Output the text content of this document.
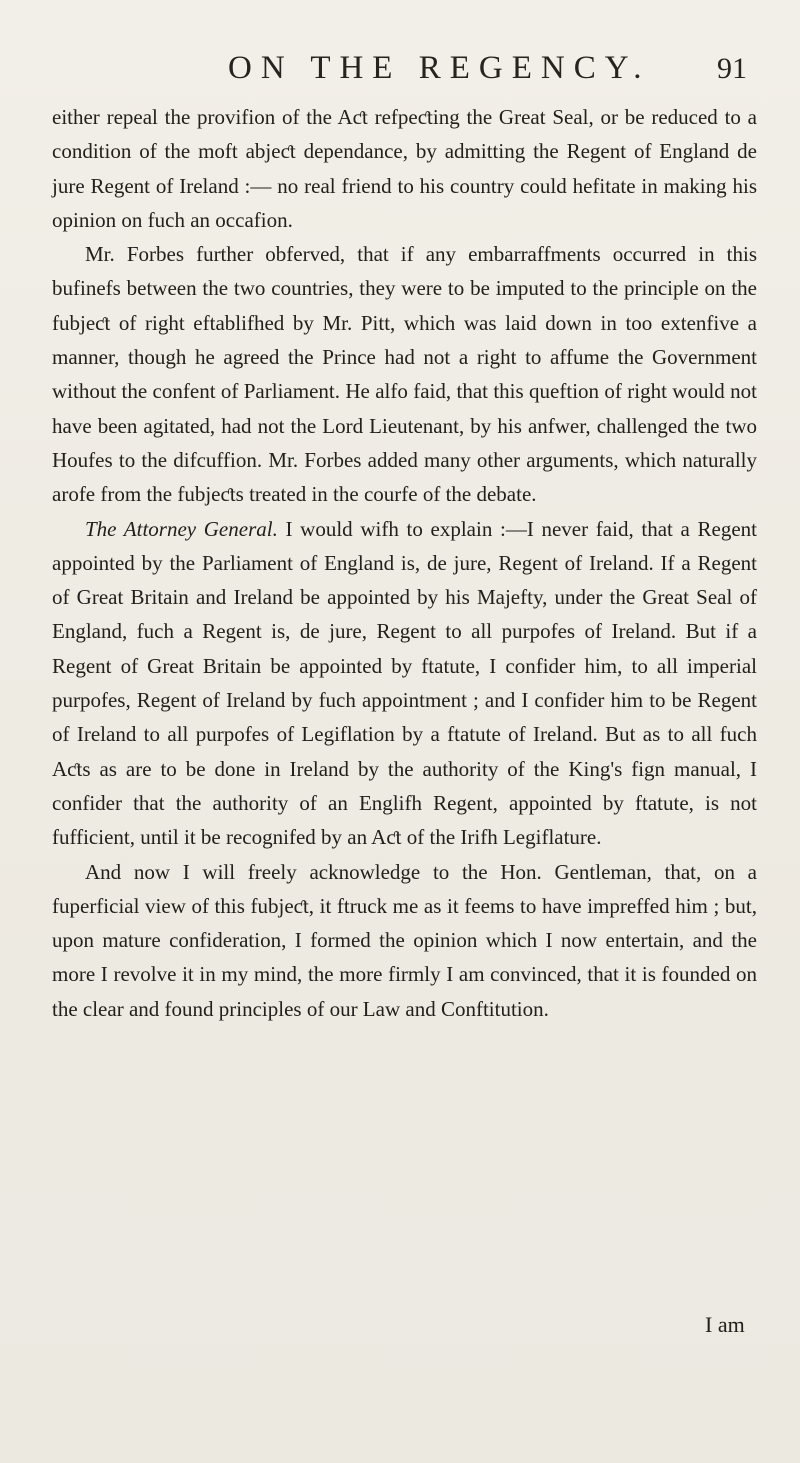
ON THE REGENCY. 91

either repeal the provifion of the Aƈt refpeƈting the Great Seal, or be reduced to a condition of the moft abjeƈt dependance, by admitting the Regent of England de jure Regent of Ireland :— no real friend to his country could hefitate in making his opinion on fuch an occafion.

Mr. Forbes further obferved, that if any embarraffments occurred in this bufinefs between the two countries, they were to be imputed to the principle on the fubjeƈt of right eftablifhed by Mr. Pitt, which was laid down in too extenfive a manner, though he agreed the Prince had not a right to affume the Government without the confent of Parliament. He alfo faid, that this queftion of right would not have been agitated, had not the Lord Lieutenant, by his anfwer, challenged the two Houfes to the difcuffion. Mr. Forbes added many other arguments, which naturally arofe from the fubjeƈts treated in the courfe of the debate.

The Attorney General. I would wifh to explain :—I never faid, that a Regent appointed by the Parliament of England is, de jure, Regent of Ireland. If a Regent of Great Britain and Ireland be appointed by his Majefty, under the Great Seal of England, fuch a Regent is, de jure, Regent to all purpofes of Ireland. But if a Regent of Great Britain be appointed by ftatute, I confider him, to all imperial purpofes, Regent of Ireland by fuch appointment ; and I confider him to be Regent of Ireland to all purpofes of Legiflation by a ftatute of Ireland. But as to all fuch Aƈts as are to be done in Ireland by the authority of the King's fign manual, I confider that the authority of an Englifh Regent, appointed by ftatute, is not fufficient, until it be recognifed by an Aƈt of the Irifh Legiflature.

And now I will freely acknowledge to the Hon. Gentleman, that, on a fuperficial view of this fubjeƈt, it ftruck me as it feems to have impreffed him ; but, upon mature confideration, I formed the opinion which I now entertain, and the more I revolve it in my mind, the more firmly I am convinced, that it is founded on the clear and found principles of our Law and Conftitution.

I am
